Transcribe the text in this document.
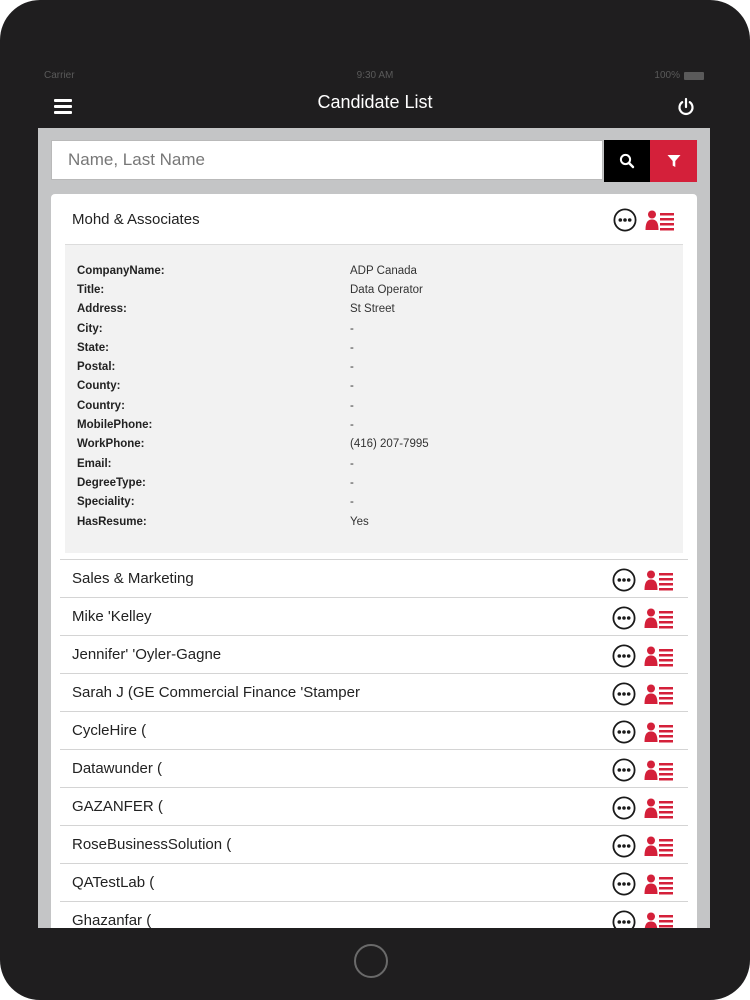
Carrier	9:30 AM	100%
Candidate List
Name, Last Name
Mohd & Associates
CompanyName:	ADP Canada
Title:	Data Operator
Address:	St Street
City:	-
State:	-
Postal:	-
County:	-
Country:	-
MobilePhone:	-
WorkPhone:	(416) 207-7995
Email:	-
DegreeType:	-
Speciality:	-
HasResume:	Yes
Sales & Marketing
Mike 'Kelley
Jennifer' 'Oyler-Gagne
Sarah J (GE Commercial Finance 'Stamper
CycleHire (
Datawunder (
GAZANFER (
RoseBusinessSolution (
QATestLab (
Ghazanfar (
